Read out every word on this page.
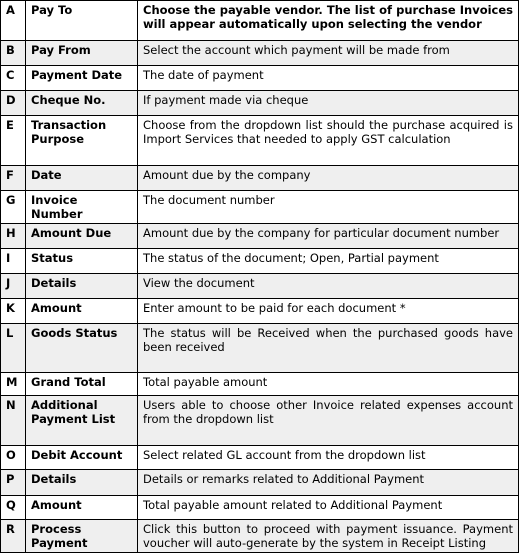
A	Pay To	Choose the payable vendor. The list of purchase Invoices will appear automatically upon selecting the vendor
B	Pay From	Select the account which payment will be made from
C	Payment Date	The date of payment
D	Cheque No.	If payment made via cheque
E	Transaction Purpose	Choose from the dropdown list should the purchase acquired is Import Services that needed to apply GST calculation
F	Date	Amount due by the company
G	Invoice Number	The document number
H	Amount Due	Amount due by the company for particular document number
I	Status	The status of the document; Open, Partial payment
J	Details	View the document
K	Amount	Enter amount to be paid for each document *
L	Goods Status	The status will be Received when the purchased goods have been received
M	Grand Total	Total payable amount
N	Additional Payment List	Users able to choose other Invoice related expenses account from the dropdown list
O	Debit Account	Select related GL account from the dropdown list
P	Details	Details or remarks related to Additional Payment
Q	Amount	Total payable amount related to Additional Payment
R	Process Payment	Click this button to proceed with payment issuance. Payment voucher will auto-generate by the system in Receipt Listing
